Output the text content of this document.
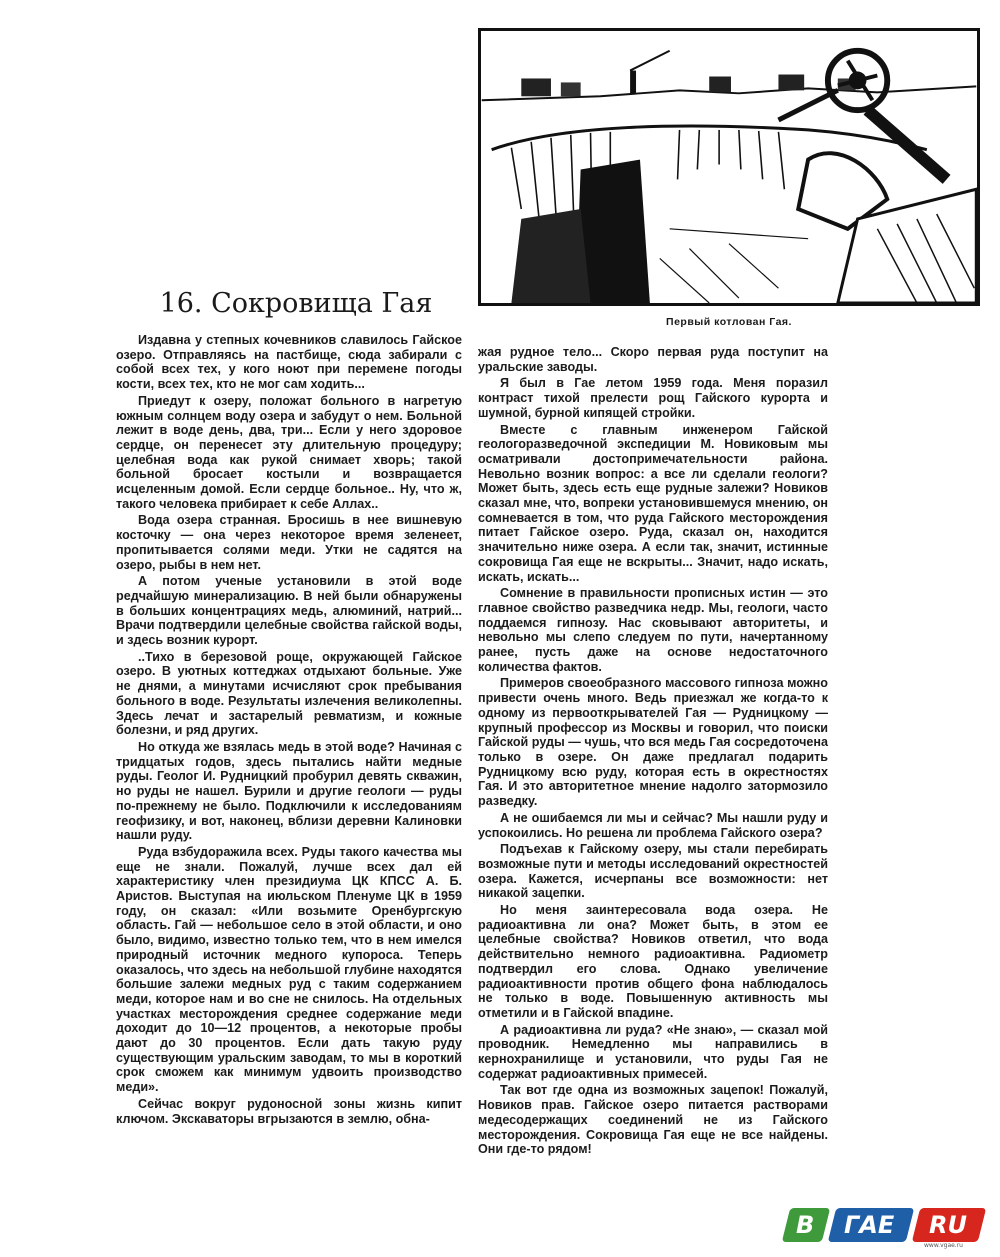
Первый котлован Гая.
16. Сокровища Гая

Издавна у степных кочевников славилось Гайское озеро. Отправляясь на пастбище, сюда забирали с собой всех тех, у кого ноют при перемене погоды кости, всех тех, кто не мог сам ходить...

Приедут к озеру, положат больного в нагретую южным солнцем воду озера и забудут о нем. Больной лежит в воде день, два, три... Если у него здоровое сердце, он перенесет эту длительную процедуру; целебная вода как рукой снимает хворь; такой больной бросает костыли и возвращается исцеленным домой. Если сердце больное.. Ну, что ж, такого человека прибирает к себе Аллах..

Вода озера странная. Бросишь в нее вишневую косточку — она через некоторое время зеленеет, пропитывается солями меди. Утки не садятся на озеро, рыбы в нем нет.

А потом ученые установили в этой воде редчайшую минерализацию. В ней были обнаружены в больших концентрациях медь, алюминий, натрий... Врачи подтвердили целебные свойства гайской воды, и здесь возник курорт.

..Тихо в березовой роще, окружающей Гайское озеро. В уютных коттеджах отдыхают больные. Уже не днями, а минутами исчисляют срок пребывания больного в воде. Результаты излечения великолепны. Здесь лечат и застарелый ревматизм, и кожные болезни, и ряд других.

Но откуда же взялась медь в этой воде? Начиная с тридцатых годов, здесь пытались найти медные руды. Геолог И. Рудницкий пробурил девять скважин, но руды не нашел. Бурили и другие геологи — руды по-прежнему не было. Подключили к исследованиям геофизику, и вот, наконец, вблизи деревни Калиновки нашли руду.

Руда взбудоражила всех. Руды такого качества мы еще не знали. Пожалуй, лучше всех дал ей характеристику член президиума ЦК КПСС А. Б. Аристов. Выступая на июльском Пленуме ЦК в 1959 году, он сказал: «Или возьмите Оренбургскую область. Гай — небольшое село в этой области, и оно было, видимо, известно только тем, что в нем имелся природный источник медного купороса. Теперь оказалось, что здесь на небольшой глубине находятся большие залежи медных руд с таким содержанием меди, которое нам и во сне не снилось. На отдельных участках месторождения среднее содержание меди доходит до 10—12 процентов, а некоторые пробы дают до 30 процентов. Если дать такую руду существующим уральским заводам, то мы в короткий срок сможем как минимум удвоить производство меди».

Сейчас вокруг рудоносной зоны жизнь кипит ключом. Экскаваторы вгрызаются в землю, обна-

жая рудное тело... Скоро первая руда поступит на уральские заводы.

Я был в Гае летом 1959 года. Меня поразил контраст тихой прелести рощ Гайского курорта и шумной, бурной кипящей стройки.

Вместе с главным инженером Гайской геологоразведочной экспедиции М. Новиковым мы осматривали достопримечательности района. Невольно возник вопрос: а все ли сделали геологи? Может быть, здесь есть еще рудные залежи? Новиков сказал мне, что, вопреки установившемуся мнению, он сомневается в том, что руда Гайского месторождения питает Гайское озеро. Руда, сказал он, находится значительно ниже озера. А если так, значит, истинные сокровища Гая еще не вскрыты... Значит, надо искать, искать, искать...

Сомнение в правильности прописных истин — это главное свойство разведчика недр. Мы, геологи, часто поддаемся гипнозу. Нас сковывают авторитеты, и невольно мы слепо следуем по пути, начертанному ранее, пусть даже на основе недостаточного количества фактов.

Примеров своеобразного массового гипноза можно привести очень много. Ведь приезжал же когда-то к одному из первооткрывателей Гая — Рудницкому — крупный профессор из Москвы и говорил, что поиски Гайской руды — чушь, что вся медь Гая сосредоточена только в озере. Он даже предлагал подарить Рудницкому всю руду, которая есть в окрестностях Гая. И это авторитетное мнение надолго затормозило разведку.

А не ошибаемся ли мы и сейчас? Мы нашли руду и успокоились. Но решена ли проблема Гайского озера?

Подъехав к Гайскому озеру, мы стали перебирать возможные пути и методы исследований окрестностей озера. Кажется, исчерпаны все возможности: нет никакой зацепки.

Но меня заинтересовала вода озера. Не радиоактивна ли она? Может быть, в этом ее целебные свойства? Новиков ответил, что вода действительно немного радиоактивна. Радиометр подтвердил его слова. Однако увеличение радиоактивности против общего фона наблюдалось не только в воде. Повышенную активность мы отметили и в Гайской впадине.

А радиоактивна ли руда? «Не знаю», — сказал мой проводник. Немедленно мы направились в кернохранилище и установили, что руды Гая не содержат радиоактивных примесей.

Так вот где одна из возможных зацепок! Пожалуй, Новиков прав. Гайское озеро питается растворами медесодержащих соединений не из Гайского месторождения. Сокровища Гая еще не все найдены. Они где-то рядом!

В ГАЕ RU
www.vgae.ru
